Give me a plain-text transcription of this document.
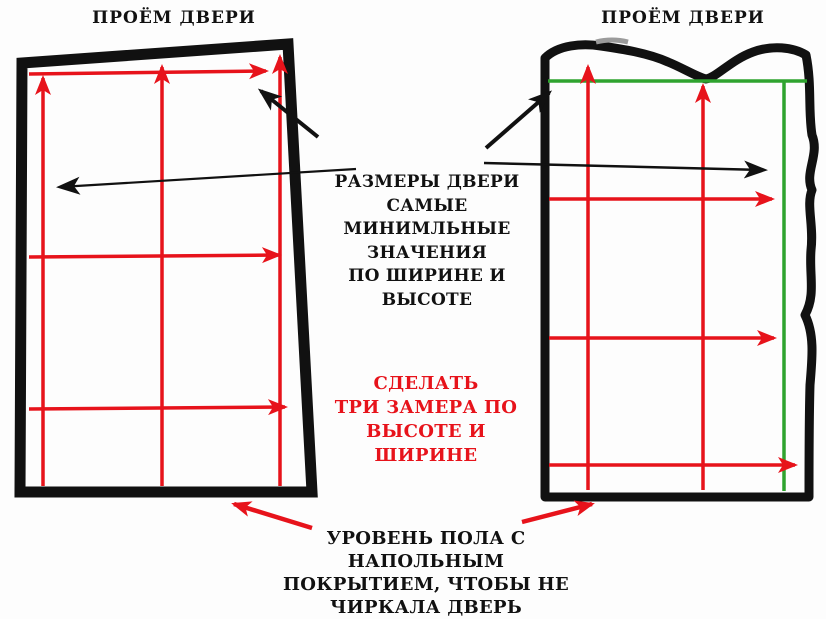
ПРОЁМ ДВЕРИ	ПРОЁМ ДВЕРИ
РАЗМЕРЫ ДВЕРИ
САМЫЕ МИНИМЛЬНЫЕ
ЗНАЧЕНИЯ
ПО ШИРИНЕ И ВЫСОТЕ
СДЕЛАТЬ
ТРИ ЗАМЕРА ПО
ВЫСОТЕ И ШИРИНЕ
УРОВЕНЬ ПОЛА С НАПОЛЬНЫМ
ПОКРЫТИЕМ, ЧТОБЫ НЕ
ЧИРКАЛА ДВЕРЬ
